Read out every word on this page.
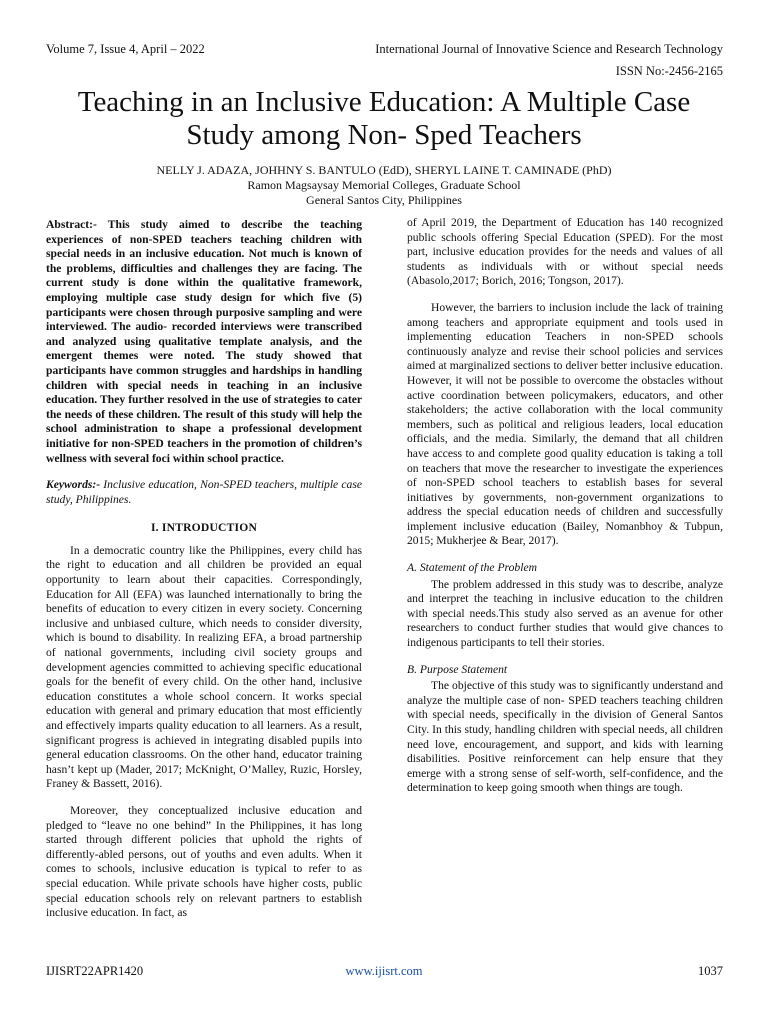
Volume 7, Issue 4, April – 2022	International Journal of Innovative Science and Research Technology
ISSN No:-2456-2165
Teaching in an Inclusive Education: A Multiple Case Study among Non- Sped Teachers
NELLY J. ADAZA, JOHHNY S. BANTULO (EdD), SHERYL LAINE T. CAMINADE (PhD)
Ramon Magsaysay Memorial Colleges, Graduate School
General Santos City, Philippines

Abstract:- This study aimed to describe the teaching experiences of non-SPED teachers teaching children with special needs in an inclusive education. Not much is known of the problems, difficulties and challenges they are facing. The current study is done within the qualitative framework, employing multiple case study design for which five (5) participants were chosen through purposive sampling and were interviewed. The audio- recorded interviews were transcribed and analyzed using qualitative template analysis, and the emergent themes were noted. The study showed that participants have common struggles and hardships in handling children with special needs in teaching in an inclusive education. They further resolved in the use of strategies to cater the needs of these children. The result of this study will help the school administration to shape a professional development initiative for non-SPED teachers in the promotion of children’s wellness with several foci within school practice.

Keywords:- Inclusive education, Non-SPED teachers, multiple case study, Philippines.

I. INTRODUCTION

In a democratic country like the Philippines, every child has the right to education and all children be provided an equal opportunity to learn about their capacities. Correspondingly, Education for All (EFA) was launched internationally to bring the benefits of education to every citizen in every society. Concerning inclusive and unbiased culture, which needs to consider diversity, which is bound to disability. In realizing EFA, a broad partnership of national governments, including civil society groups and development agencies committed to achieving specific educational goals for the benefit of every child. On the other hand, inclusive education constitutes a whole school concern. It works special education with general and primary education that most efficiently and effectively imparts quality education to all learners. As a result, significant progress is achieved in integrating disabled pupils into general education classrooms. On the other hand, educator training hasn’t kept up (Mader, 2017; McKnight, O’Malley, Ruzic, Horsley, Franey & Bassett, 2016).

Moreover, they conceptualized inclusive education and pledged to “leave no one behind” In the Philippines, it has long started through different policies that uphold the rights of differently-abled persons, out of youths and even adults. When it comes to schools, inclusive education is typical to refer to as special education. While private schools have higher costs, public special education schools rely on relevant partners to establish inclusive education. In fact, as

of April 2019, the Department of Education has 140 recognized public schools offering Special Education (SPED). For the most part, inclusive education provides for the needs and values of all students as individuals with or without special needs (Abasolo,2017; Borich, 2016; Tongson, 2017).

However, the barriers to inclusion include the lack of training among teachers and appropriate equipment and tools used in implementing education Teachers in non-SPED schools continuously analyze and revise their school policies and services aimed at marginalized sections to deliver better inclusive education. However, it will not be possible to overcome the obstacles without active coordination between policymakers, educators, and other stakeholders; the active collaboration with the local community members, such as political and religious leaders, local education officials, and the media. Similarly, the demand that all children have access to and complete good quality education is taking a toll on teachers that move the researcher to investigate the experiences of non-SPED school teachers to establish bases for several initiatives by governments, non-government organizations to address the special education needs of children and successfully implement inclusive education (Bailey, Nomanbhoy & Tubpun, 2015; Mukherjee & Bear, 2017).

A. Statement of the Problem

The problem addressed in this study was to describe, analyze and interpret the teaching in inclusive education to the children with special needs.This study also served as an avenue for other researchers to conduct further studies that would give chances to indigenous participants to tell their stories.

B. Purpose Statement

The objective of this study was to significantly understand and analyze the multiple case of non- SPED teachers teaching children with special needs, specifically in the division of General Santos City. In this study, handling children with special needs, all children need love, encouragement, and support, and kids with learning disabilities. Positive reinforcement can help ensure that they emerge with a strong sense of self-worth, self-confidence, and the determination to keep going smooth when things are tough.

IJISRT22APR1420	www.ijisrt.com	1037
